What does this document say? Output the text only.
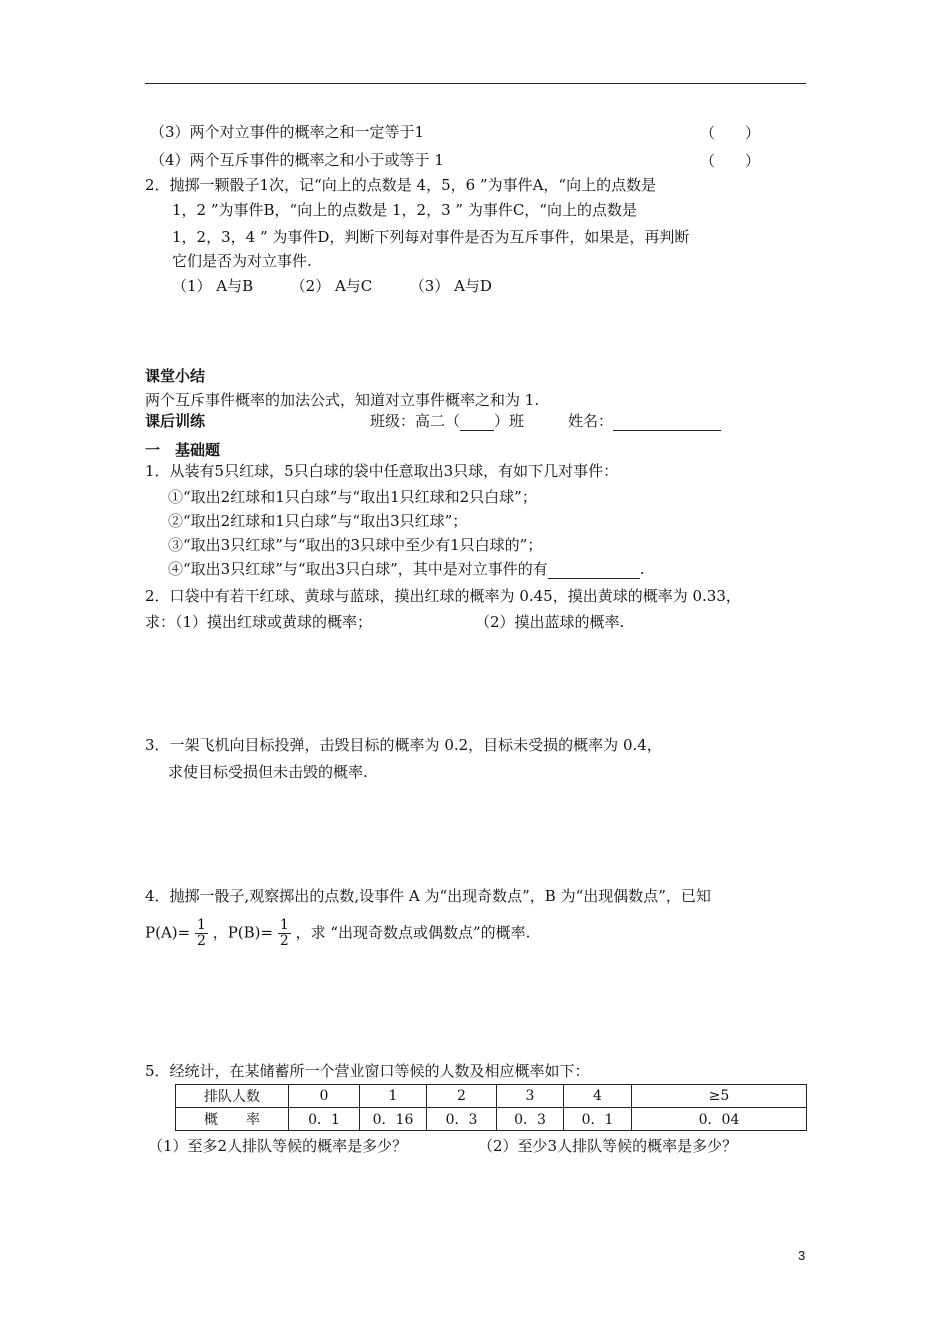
（3）两个对立事件的概率之和一定等于1	（　　）
（4）两个互斥事件的概率之和小于或等于 1	（　　）
2．抛掷一颗骰子1次，记“向上的点数是 4，5，6 ”为事件A，“向上的点数是
1，2 ”为事件B，“向上的点数是 1，2，3 ” 为事件C，“向上的点数是
1，2，3，4 ” 为事件D，判断下列每对事件是否为互斥事件，如果是，再判断
它们是否为对立事件.
（1） A与B　　　（2） A与C　　　（3） A与D
课堂小结
两个互斥事件概率的加法公式，知道对立事件概率之和为 1.
课后训练	班级：高二（ ）班	姓名：
一　基础题
1．从装有5只红球，5只白球的袋中任意取出3只球，有如下几对事件：
①“取出2红球和1只白球”与“取出1只红球和2只白球”；
②“取出2红球和1只白球”与“取出3只红球”；
③“取出3只红球”与“取出的3只球中至少有1只白球的”；
④“取出3只红球”与“取出3只白球”，其中是对立事件的有	.
2．口袋中有若干红球、黄球与蓝球，摸出红球的概率为 0.45，摸出黄球的概率为 0.33，
求：（1）摸出红球或黄球的概率；	（2）摸出蓝球的概率.
3．一架飞机向目标投弹，击毁目标的概率为 0.2，目标未受损的概率为 0.4，
求使目标受损但未击毁的概率.
4．抛掷一骰子,观察掷出的点数,设事件 A 为“出现奇数点”，B 为“出现偶数点”，已知
$P(A)= \frac{1}{2}$ ，$P(B)= \frac{1}{2}$ ，求 “出现奇数点或偶数点”的概率.
5．经统计，在某储蓄所一个营业窗口等候的人数及相应概率如下：
排队人数	0	1	2	3	4	≥5
概　　率	0．1	0．16	0．3	0．3	0．1	0．04
（1）至多2人排队等候的概率是多少？	（2）至少3人排队等候的概率是多少？
3
